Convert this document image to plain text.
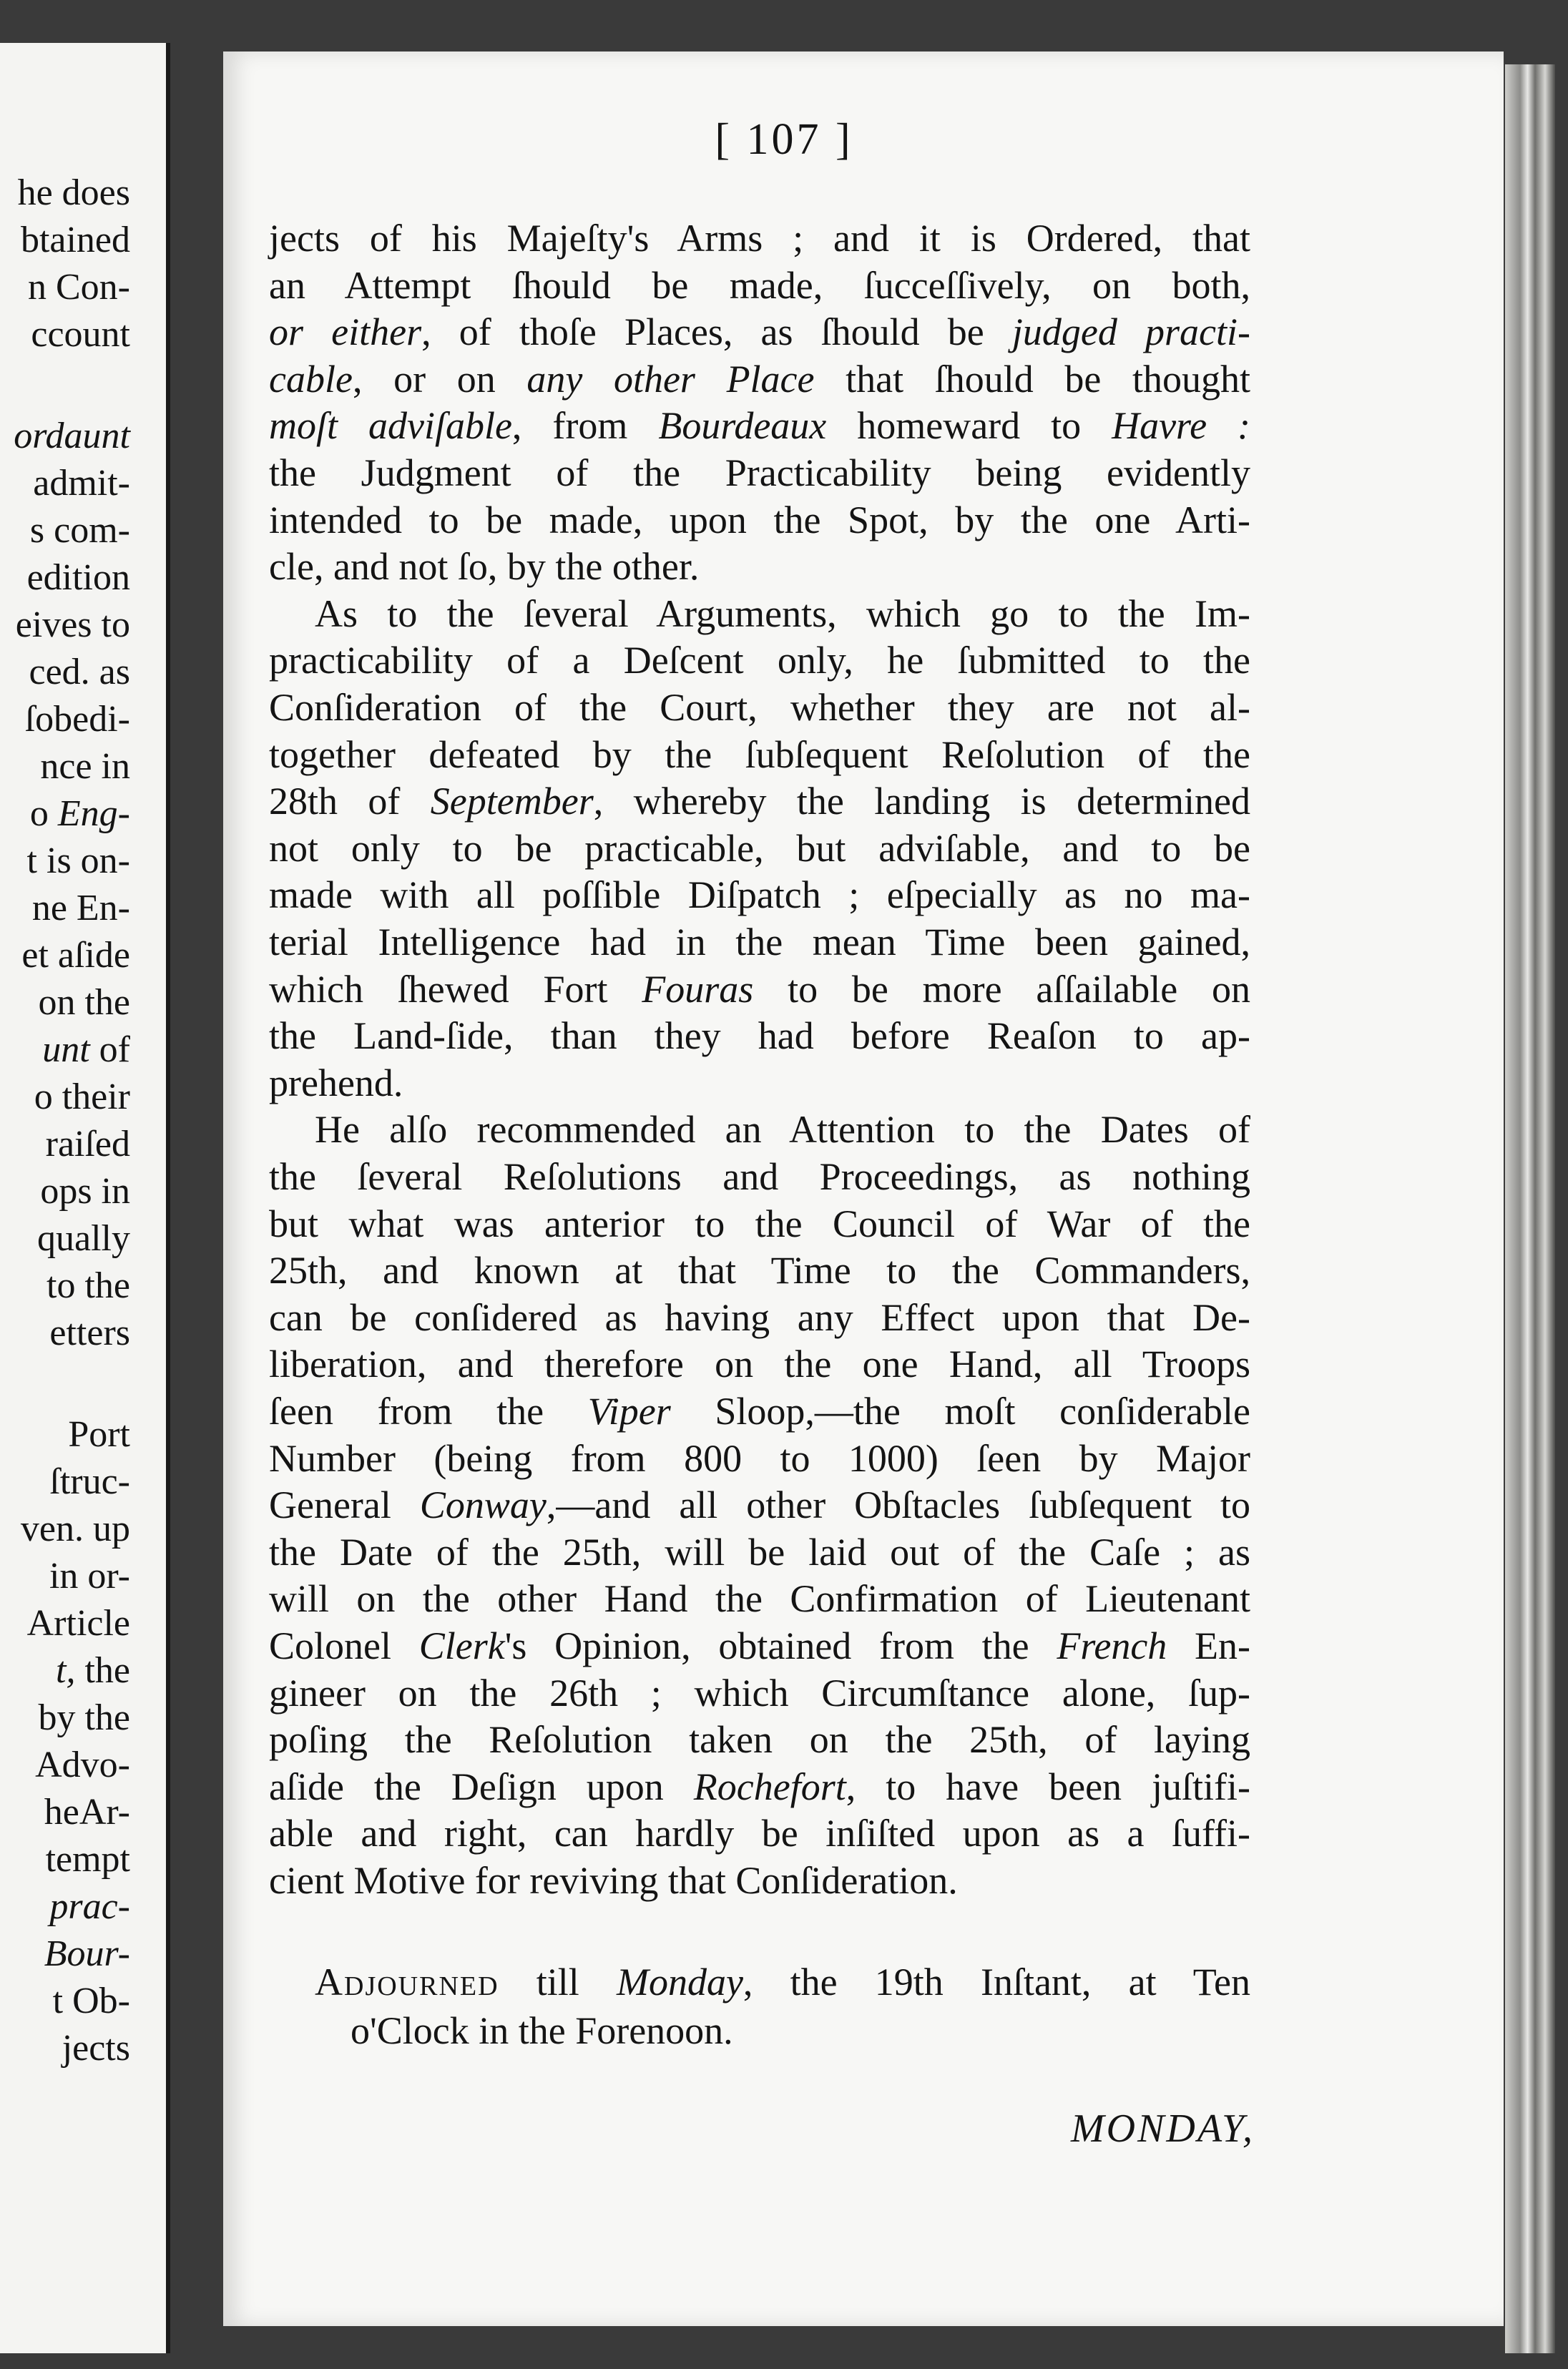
he does
btained
n Con-
ccount
ordaunt
admit-
s com-
edition
eives to
ced. as
ſobedi-
nce in
o Eng-
t is on-
ne En-
et aſide
on the
unt of
o their
raiſed
ops in
qually
to the
etters
Port
ſtruc-
ven. up
in or-
Article
t, the
by the
Advo-
heAr-
tempt
prac-
Bour-
t Ob-
jects
[ 107 ]
jects of his Majeſty's Arms ; and it is Ordered, that
an Attempt ſhould be made, ſucceſſively, on both,
or either, of thoſe Places, as ſhould be judged practi-
cable, or on any other Place that ſhould be thought
moſt adviſable, from Bourdeaux homeward to Havre :
the Judgment of the Practicability being evidently
intended to be made, upon the Spot, by the one Arti-
cle, and not ſo, by the other.
As to the ſeveral Arguments, which go to the Im-
practicability of a Deſcent only, he ſubmitted to the
Conſideration of the Court, whether they are not al-
together defeated by the ſubſequent Reſolution of the
28th of September, whereby the landing is determined
not only to be practicable, but adviſable, and to be
made with all poſſible Diſpatch ; eſpecially as no ma-
terial Intelligence had in the mean Time been gained,
which ſhewed Fort Fouras to be more aſſailable on
the Land-ſide, than they had before Reaſon to ap-
prehend.
He alſo recommended an Attention to the Dates of
the ſeveral Reſolutions and Proceedings, as nothing
but what was anterior to the Council of War of the
25th, and known at that Time to the Commanders,
can be conſidered as having any Effect upon that De-
liberation, and therefore on the one Hand, all Troops
ſeen from the Viper Sloop,—the moſt conſiderable
Number (being from 800 to 1000) ſeen by Major
General Conway,—and all other Obſtacles ſubſequent to
the Date of the 25th, will be laid out of the Caſe ; as
will on the other Hand the Confirmation of Lieutenant
Colonel Clerk's Opinion, obtained from the French En-
gineer on the 26th ; which Circumſtance alone, ſup-
poſing the Reſolution taken on the 25th, of laying
aſide the Deſign upon Rochefort, to have been juſtifi-
able and right, can hardly be inſiſted upon as a ſuffi-
cient Motive for reviving that Conſideration.
Adjourned till Monday, the 19th Inſtant, at Ten
o'Clock in the Forenoon.
MONDAY,
